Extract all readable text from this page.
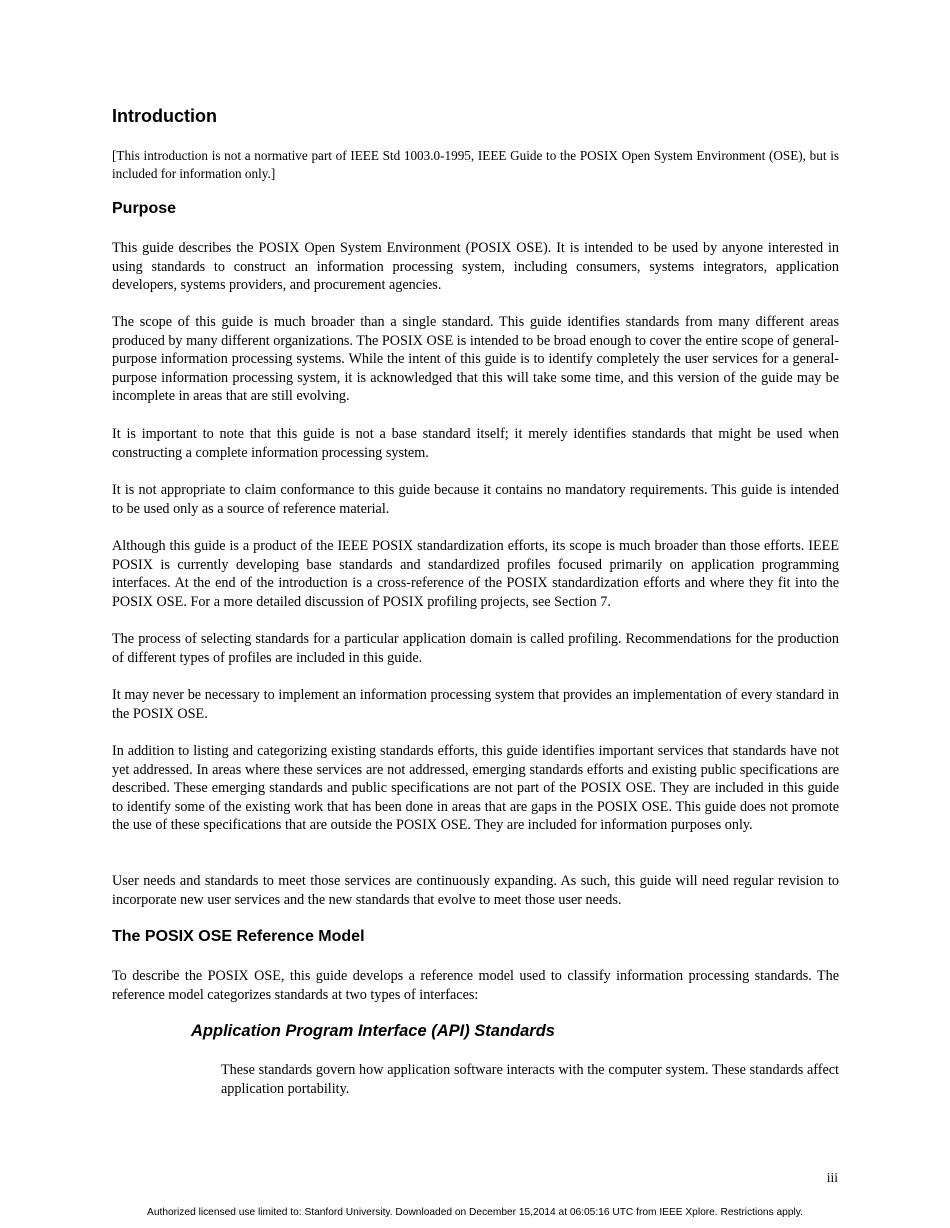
Introduction

[This introduction is not a normative part of IEEE Std 1003.0-1995, IEEE Guide to the POSIX Open System Environment (OSE), but is included for information only.]

Purpose

This guide describes the POSIX Open System Environment (POSIX OSE). It is intended to be used by anyone interested in using standards to construct an information processing system, including consumers, systems integrators, application developers, systems providers, and procurement agencies.

The scope of this guide is much broader than a single standard. This guide identifies standards from many different areas produced by many different organizations. The POSIX OSE is intended to be broad enough to cover the entire scope of general-purpose information processing systems. While the intent of this guide is to identify completely the user services for a general-purpose information processing system, it is acknowledged that this will take some time, and this version of the guide may be incomplete in areas that are still evolving.

It is important to note that this guide is not a base standard itself; it merely identifies standards that might be used when constructing a complete information processing system.

It is not appropriate to claim conformance to this guide because it contains no mandatory requirements. This guide is intended to be used only as a source of reference material.

Although this guide is a product of the IEEE POSIX standardization efforts, its scope is much broader than those efforts. IEEE POSIX is currently developing base standards and standardized profiles focused primarily on application programming interfaces. At the end of the introduction is a cross-reference of the POSIX standardization efforts and where they fit into the POSIX OSE. For a more detailed discussion of POSIX profiling projects, see Section 7.

The process of selecting standards for a particular application domain is called profiling. Recommendations for the production of different types of profiles are included in this guide.

It may never be necessary to implement an information processing system that provides an implementation of every standard in the POSIX OSE.

In addition to listing and categorizing existing standards efforts, this guide identifies important services that standards have not yet addressed. In areas where these services are not addressed, emerging standards efforts and existing public specifications are described. These emerging standards and public specifications are not part of the POSIX OSE. They are included in this guide to identify some of the existing work that has been done in areas that are gaps in the POSIX OSE. This guide does not promote the use of these specifications that are outside the POSIX OSE. They are included for information purposes only.

User needs and standards to meet those services are continuously expanding. As such, this guide will need regular revision to incorporate new user services and the new standards that evolve to meet those user needs.

The POSIX OSE Reference Model

To describe the POSIX OSE, this guide develops a reference model used to classify information processing standards. The reference model categorizes standards at two types of interfaces:

Application Program Interface (API) Standards

These standards govern how application software interacts with the computer system. These standards affect application portability.

iii
Authorized licensed use limited to: Stanford University. Downloaded on December 15,2014 at 06:05:16 UTC from IEEE Xplore. Restrictions apply.
